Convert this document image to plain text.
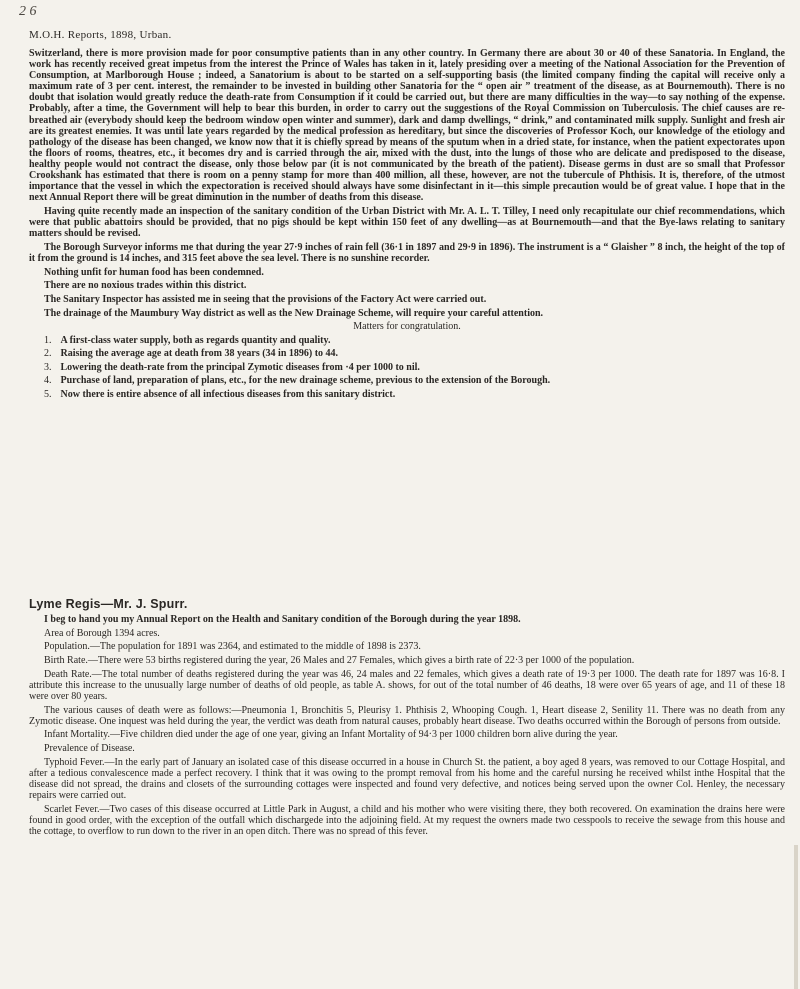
2 6
M.O.H. Reports, 1898, Urban.

Switzerland, there is more provision made for poor consumptive patients than in any other country. In Germany there are about 30 or 40 of these Sanatoria. In England, the work has recently received great impetus from the interest the Prince of Wales has taken in it, lately presiding over a meeting of the National Association for the Prevention of Consumption, at Marlborough House ; indeed, a Sanatorium is about to be started on a self-supporting basis (the limited company finding the capital will receive only a maximum rate of 3 per cent. interest, the remainder to be invested in building other Sanatoria for the “ open air ” treatment of the disease, as at Bournemouth). There is no doubt that isolation would greatly reduce the death-rate from Consumption if it could be carried out, but there are many difficulties in the way—to say nothing of the expense. Probably, after a time, the Government will help to bear this burden, in order to carry out the suggestions of the Royal Commission on Tuberculosis. The chief causes are re-breathed air (everybody should keep the bedroom window open winter and summer), dark and damp dwellings, “ drink,” and contaminated milk supply. Sunlight and fresh air are its greatest enemies. It was until late years regarded by the medical profession as hereditary, but since the discoveries of Professor Koch, our knowledge of the etiology and pathology of the disease has been changed, we know now that it is chiefly spread by means of the sputum when in a dried state, for instance, when the patient expectorates upon the floors of rooms, theatres, etc., it becomes dry and is carried through the air, mixed with the dust, into the lungs of those who are delicate and predisposed to the disease, healthy people would not contract the disease, only those below par (it is not communicated by the breath of the patient). Disease germs in dust are so small that Professor Crookshank has estimated that there is room on a penny stamp for more than 400 million, all these, however, are not the tubercule of Phthisis. It is, therefore, of the utmost importance that the vessel in which the expectoration is received should always have some disinfectant in it—this simple precaution would be of great value. I hope that in the next Annual Report there will be great diminution in the number of deaths from this disease.

Having quite recently made an inspection of the sanitary condition of the Urban District with Mr. A. L. T. Tilley, I need only recapitulate our chief recommendations, which were that public abattoirs should be provided, that no pigs should be kept within 150 feet of any dwelling—as at Bournemouth—and that the Bye-laws relating to sanitary matters should be revised.

The Borough Surveyor informs me that during the year 27·9 inches of rain fell (36·1 in 1897 and 29·9 in 1896). The instrument is a “ Glaisher ” 8 inch, the height of the top of it from the ground is 14 inches, and 315 feet above the sea level. There is no sunshine recorder.

Nothing unfit for human food has been condemned.

There are no noxious trades within this district.

The Sanitary Inspector has assisted me in seeing that the provisions of the Factory Act were carried out.

The drainage of the Maumbury Way district as well as the New Drainage Scheme, will require your careful attention.

Matters for congratulation.

1. A first-class water supply, both as regards quantity and quality.
2. Raising the average age at death from 38 years (34 in 1896) to 44.
3. Lowering the death-rate from the principal Zymotic diseases from ·4 per 1000 to nil.
4. Purchase of land, preparation of plans, etc., for the new drainage scheme, previous to the extension of the Borough.
5. Now there is entire absence of all infectious diseases from this sanitary district.
Lyme Regis—Mr. J. Spurr.

I beg to hand you my Annual Report on the Health and Sanitary condition of the Borough during the year 1898.

Area of Borough 1394 acres.

Population.—The population for 1891 was 2364, and estimated to the middle of 1898 is 2373.

Birth Rate.—There were 53 births registered during the year, 26 Males and 27 Females, which gives a birth rate of 22·3 per 1000 of the population.

Death Rate.—The total number of deaths registered during the year was 46, 24 males and 22 females, which gives a death rate of 19·3 per 1000. The death rate for 1897 was 16·8. I attribute this increase to the unusually large number of deaths of old people, as table A. shows, for out of the total number of 46 deaths, 18 were over 65 years of age, and 11 of these 18 were over 80 years.

The various causes of death were as follows:—Pneumonia 1, Bronchitis 5, Pleurisy 1. Phthisis 2, Whooping Cough. 1, Heart disease 2, Senility 11. There was no death from any Zymotic disease. One inquest was held during the year, the verdict was death from natural causes, probably heart disease. Two deaths occurred within the Borough of persons from outside.

Infant Mortality.—Five children died under the age of one year, giving an Infant Mortality of 94·3 per 1000 children born alive during the year.

Prevalence of Disease.

Typhoid Fever.—In the early part of January an isolated case of this disease occurred in a house in Church St. the patient, a boy aged 8 years, was removed to our Cottage Hospital, and after a tedious convalescence made a perfect recovery. I think that it was owing to the prompt removal from his home and the careful nursing he received whilst inthe Hospital that the disease did not spread, the drains and closets of the surrounding cottages were inspected and found very defective, and notices being served upon the owner Col. Henley, the necessary repairs were carried out.

Scarlet Fever.—Two cases of this disease occurred at Little Park in August, a child and his mother who were visiting there, they both recovered. On examination the drains here were found in good order, with the exception of the outfall which dischargede into the adjoining field. At my request the owners made two cesspools to receive the sewage from this house and the cottage, to overflow to run down to the river in an open ditch. There was no spread of this fever.
